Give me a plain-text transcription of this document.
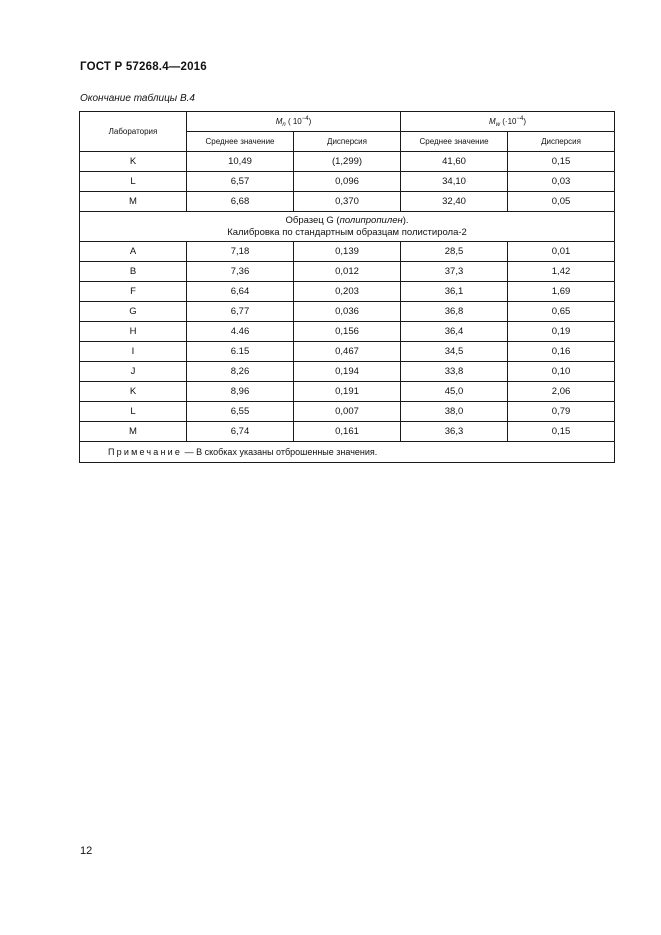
ГОСТ Р 57268.4—2016
Окончание таблицы В.4
Лаборатория	$M_n$ ( $10^{-4}$)		$M_w$ $(\cdot 10^{-4})$	
	Среднее значение	Дисперсия	Среднее значение	Дисперсия
K	10,49	(1,299)	41,60	0,15
L	6,57	0,096	34,10	0,03
M	6,68	0,370	32,40	0,05
Образец G (полипропилен).
Калибровка по стандартным образцам полистирола-2				
A	7,18	0,139	28,5	0,01
B	7,36	0,012	37,3	1,42
F	6,64	0,203	36,1	1,69
G	6,77	0,036	36,8	0,65
H	4.46	0,156	36,4	0,19
I	6.15	0,467	34,5	0,16
J	8,26	0,194	33,8	0,10
K	8,96	0,191	45,0	2,06
L	6,55	0,007	38,0	0,79
M	6,74	0,161	36,3	0,15
Примечание — В скобках указаны отброшенные значения.				
12
